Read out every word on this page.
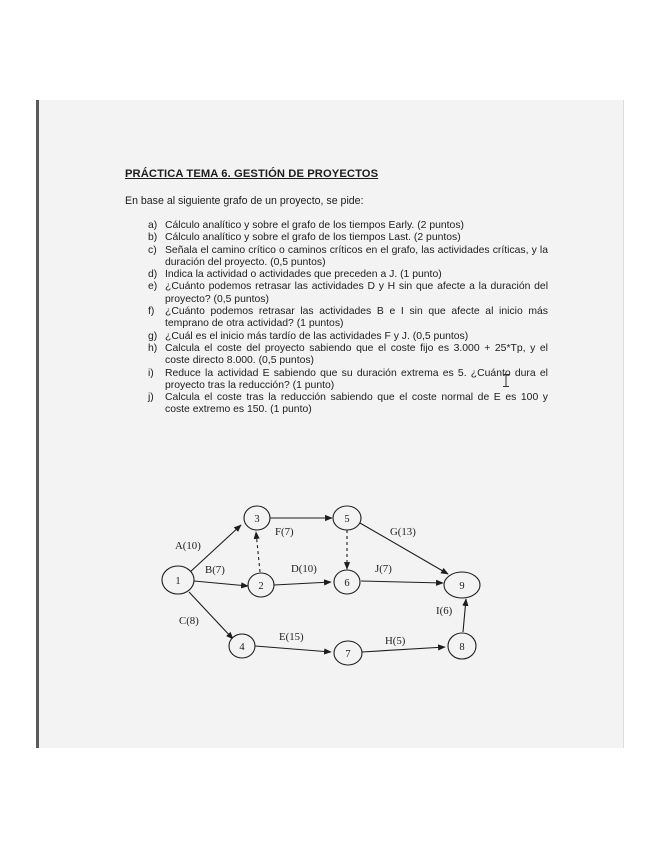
PRÁCTICA TEMA 6. GESTIÓN DE PROYECTOS

En base al siguiente grafo de un proyecto, se pide:

a) Cálculo analítico y sobre el grafo de los tiempos Early. (2 puntos)
b) Cálculo analítico y sobre el grafo de los tiempos Last. (2 puntos)
c) Señala el camino crítico o caminos críticos en el grafo, las actividades críticas, y la duración del proyecto. (0,5 puntos)
d) Indica la actividad o actividades que preceden a J. (1 punto)
e) ¿Cuánto podemos retrasar las actividades D y H sin que afecte a la duración del proyecto? (0,5 puntos)
f) ¿Cuánto podemos retrasar las actividades B e I sin que afecte al inicio más temprano de otra actividad? (1 puntos)
g) ¿Cuál es el inicio más tardío de las actividades F y J. (0,5 puntos)
h) Calcula el coste del proyecto sabiendo que el coste fijo es 3.000 + 25*Tp, y el coste directo 8.000. (0,5 puntos)
i) Reduce la actividad E sabiendo que su duración extrema es 5. ¿Cuánto dura el proyecto tras la reducción? (1 punto)
j) Calcula el coste tras la reducción sabiendo que el coste normal de E es 100 y coste extremo es 150. (1 punto)
1	2
3
4
5
6
7
8
9
A(10)
B(7)
C(8)
F(7)	G(13)
D(10)	J(7)
I(6)
E(15)	H(5)
